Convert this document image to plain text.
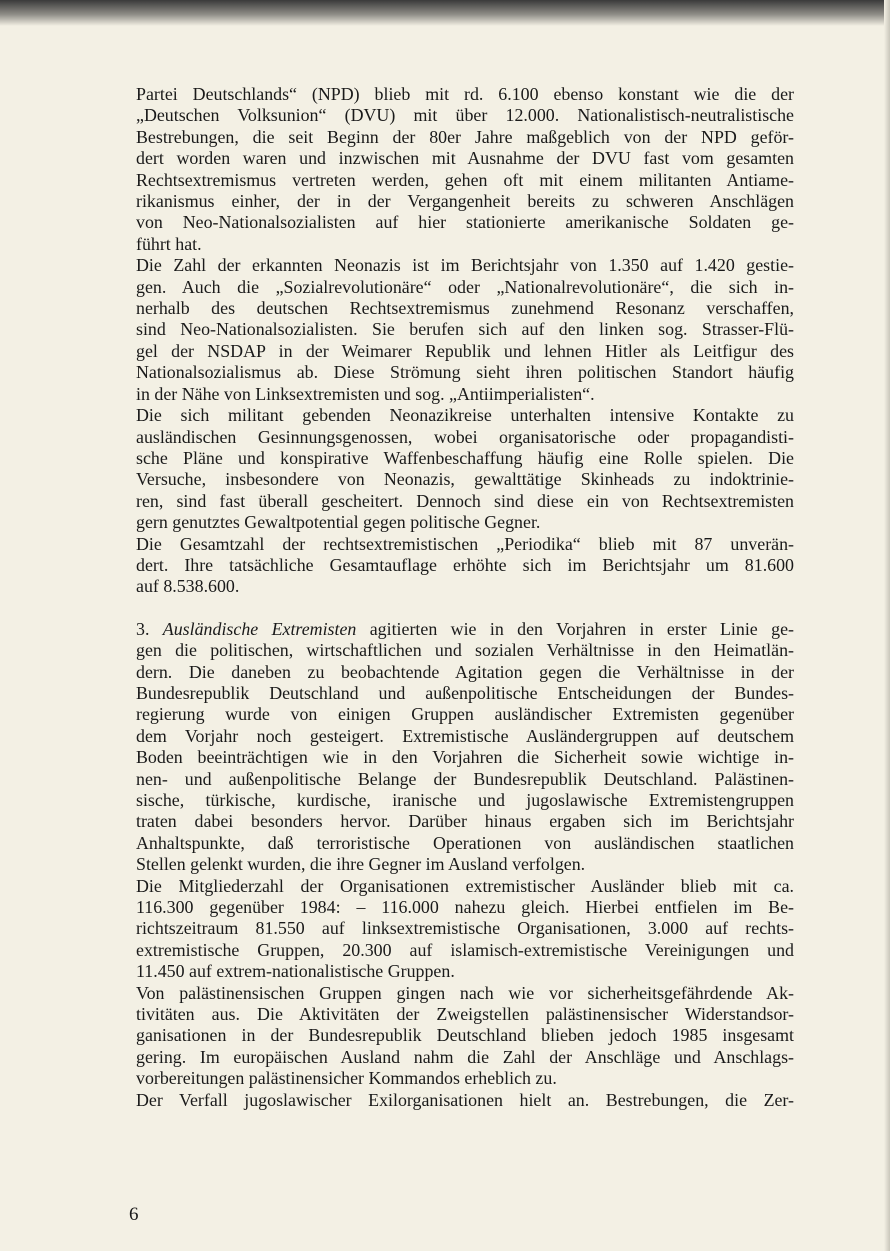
Partei Deutschlands“ (NPD) blieb mit rd. 6.100 ebenso konstant wie die der
„Deutschen Volksunion“ (DVU) mit über 12.000. Nationalistisch-neutralistische
Bestrebungen, die seit Beginn der 80er Jahre maßgeblich von der NPD geför-
dert worden waren und inzwischen mit Ausnahme der DVU fast vom gesamten
Rechtsextremismus vertreten werden, gehen oft mit einem militanten Antiame-
rikanismus einher, der in der Vergangenheit bereits zu schweren Anschlägen
von Neo-Nationalsozialisten auf hier stationierte amerikanische Soldaten ge-
führt hat.

Die Zahl der erkannten Neonazis ist im Berichtsjahr von 1.350 auf 1.420 gestie-
gen. Auch die „Sozialrevolutionäre“ oder „Nationalrevolutionäre“, die sich in-
nerhalb des deutschen Rechtsextremismus zunehmend Resonanz verschaffen,
sind Neo-Nationalsozialisten. Sie berufen sich auf den linken sog. Strasser-Flü-
gel der NSDAP in der Weimarer Republik und lehnen Hitler als Leitfigur des
Nationalsozialismus ab. Diese Strömung sieht ihren politischen Standort häufig
in der Nähe von Linksextremisten und sog. „Antiimperialisten“.

Die sich militant gebenden Neonazikreise unterhalten intensive Kontakte zu
ausländischen Gesinnungsgenossen, wobei organisatorische oder propagandisti-
sche Pläne und konspirative Waffenbeschaffung häufig eine Rolle spielen. Die
Versuche, insbesondere von Neonazis, gewalttätige Skinheads zu indoktrinie-
ren, sind fast überall gescheitert. Dennoch sind diese ein von Rechtsextremisten
gern genutztes Gewaltpotential gegen politische Gegner.

Die Gesamtzahl der rechtsextremistischen „Periodika“ blieb mit 87 unverän-
dert. Ihre tatsächliche Gesamtauflage erhöhte sich im Berichtsjahr um 81.600
auf 8.538.600.

3. Ausländische Extremisten agitierten wie in den Vorjahren in erster Linie ge-
gen die politischen, wirtschaftlichen und sozialen Verhältnisse in den Heimatlän-
dern. Die daneben zu beobachtende Agitation gegen die Verhältnisse in der
Bundesrepublik Deutschland und außenpolitische Entscheidungen der Bundes-
regierung wurde von einigen Gruppen ausländischer Extremisten gegenüber
dem Vorjahr noch gesteigert. Extremistische Ausländergruppen auf deutschem
Boden beeinträchtigen wie in den Vorjahren die Sicherheit sowie wichtige in-
nen- und außenpolitische Belange der Bundesrepublik Deutschland. Palästinen-
sische, türkische, kurdische, iranische und jugoslawische Extremistengruppen
traten dabei besonders hervor. Darüber hinaus ergaben sich im Berichtsjahr
Anhaltspunkte, daß terroristische Operationen von ausländischen staatlichen
Stellen gelenkt wurden, die ihre Gegner im Ausland verfolgen.

Die Mitgliederzahl der Organisationen extremistischer Ausländer blieb mit ca.
116.300 gegenüber 1984: – 116.000 nahezu gleich. Hierbei entfielen im Be-
richtszeitraum 81.550 auf linksextremistische Organisationen, 3.000 auf rechts-
extremistische Gruppen, 20.300 auf islamisch-extremistische Vereinigungen und
11.450 auf extrem-nationalistische Gruppen.

Von palästinensischen Gruppen gingen nach wie vor sicherheitsgefährdende Ak-
tivitäten aus. Die Aktivitäten der Zweigstellen palästinensischer Widerstandsor-
ganisationen in der Bundesrepublik Deutschland blieben jedoch 1985 insgesamt
gering. Im europäischen Ausland nahm die Zahl der Anschläge und Anschlags-
vorbereitungen palästinensicher Kommandos erheblich zu.

Der Verfall jugoslawischer Exilorganisationen hielt an. Bestrebungen, die Zer-

6
